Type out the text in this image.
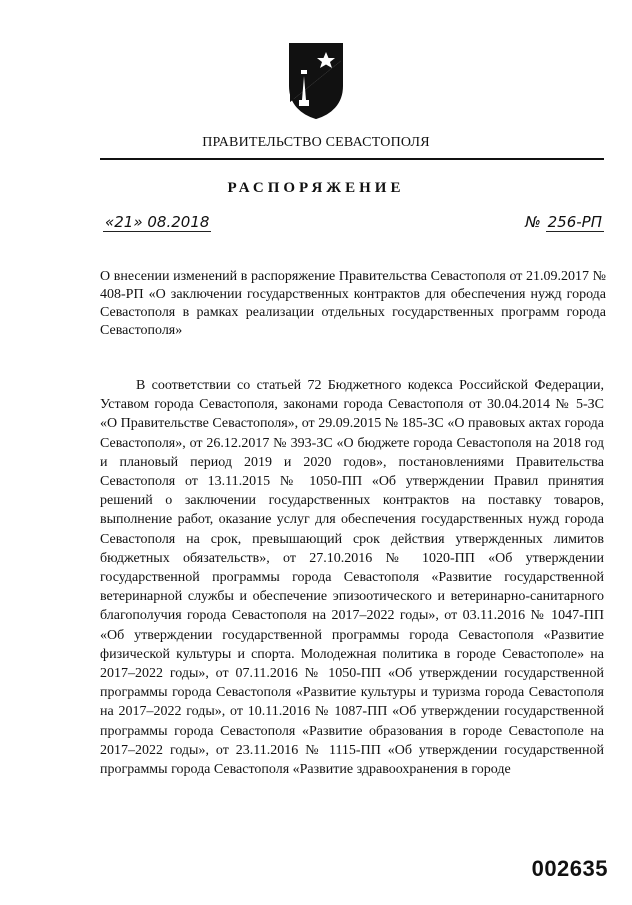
ПРАВИТЕЛЬСТВО СЕВАСТОПОЛЯ
РАСПОРЯЖЕНИЕ
«21» 08.2018	№ 256-РП
О внесении изменений в распоряжение Правительства Севастополя от 21.09.2017 № 408-РП «О заключении государственных контрактов для обеспечения нужд города Севастополя в рамках реализации отдельных государственных программ города Севастополя»
В соответствии со статьей 72 Бюджетного кодекса Российской Федерации, Уставом города Севастополя, законами города Севастополя от 30.04.2014 № 5-ЗС «О Правительстве Севастополя», от 29.09.2015 № 185-ЗС «О правовых актах города Севастополя», от 26.12.2017 № 393-ЗС «О бюджете города Севастополя на 2018 год и плановый период 2019 и 2020 годов», постановлениями Правительства Севастополя от 13.11.2015 № 1050-ПП «Об утверждении Правил принятия решений о заключении государственных контрактов на поставку товаров, выполнение работ, оказание услуг для обеспечения государственных нужд города Севастополя на срок, превышающий срок действия утвержденных лимитов бюджетных обязательств», от 27.10.2016 № 1020-ПП «Об утверждении государственной программы города Севастополя «Развитие государственной ветеринарной службы и обеспечение эпизоотического и ветеринарно-санитарного благополучия города Севастополя на 2017–2022 годы», от 03.11.2016 № 1047-ПП «Об утверждении государственной программы города Севастополя «Развитие физической культуры и спорта. Молодежная политика в городе Севастополе» на 2017–2022 годы», от 07.11.2016 № 1050-ПП «Об утверждении государственной программы города Севастополя «Развитие культуры и туризма города Севастополя на 2017–2022 годы», от 10.11.2016 № 1087-ПП «Об утверждении государственной программы города Севастополя «Развитие образования в городе Севастополе на 2017–2022 годы», от 23.11.2016 № 1115-ПП «Об утверждении государственной программы города Севастополя «Развитие здравоохранения в городе
002635
